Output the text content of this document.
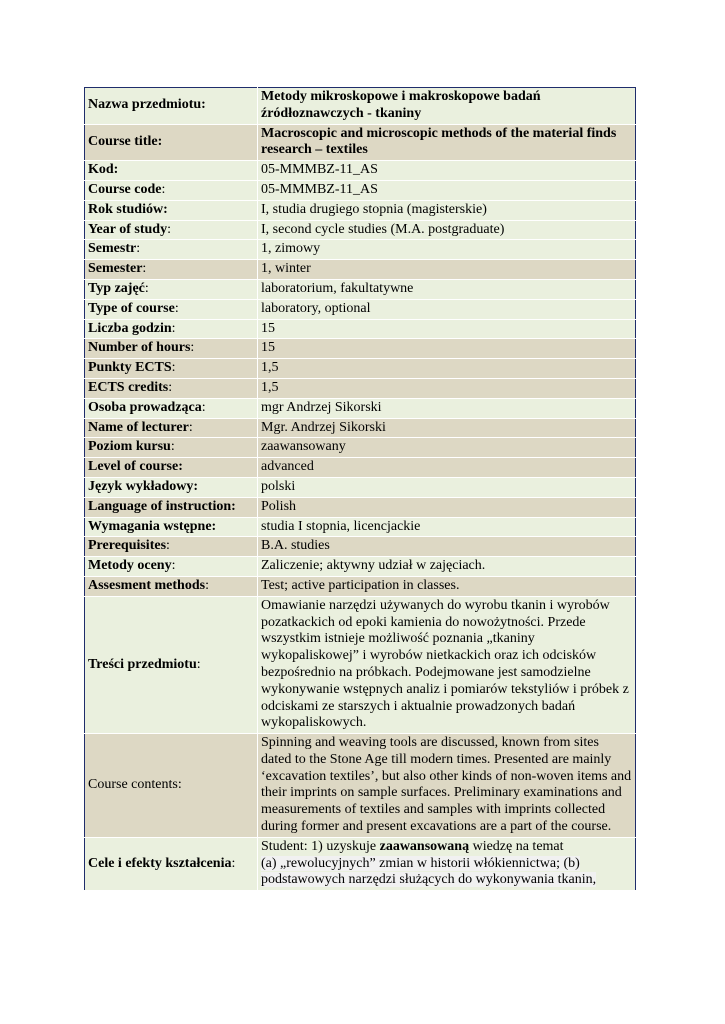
Nazwa przedmiotu:	Metody mikroskopowe i makroskopowe badań źródłoznawczych - tkaniny
Course title:	Macroscopic and microscopic methods of the material finds research – textiles
Kod:	05-MMMBZ-11_AS
Course code:	05-MMMBZ-11_AS
Rok studiów:	I, studia drugiego stopnia (magisterskie)
Year of study:	I, second cycle studies (M.A. postgraduate)
Semestr:	1, zimowy
Semester:	1, winter
Typ zajęć:	laboratorium, fakultatywne
Type of course:	laboratory, optional
Liczba godzin:	15
Number of hours:	15
Punkty ECTS:	1,5
ECTS credits:	1,5
Osoba prowadząca:	mgr Andrzej Sikorski
Name of lecturer:	Mgr. Andrzej Sikorski
Poziom kursu:	zaawansowany
Level of course:	advanced
Język wykładowy:	polski
Language of instruction:	Polish
Wymagania wstępne:	studia I stopnia, licencjackie
Prerequisites:	B.A. studies
Metody oceny:	Zaliczenie; aktywny udział w zajęciach.
Assesment methods:	Test; active participation in classes.
Treści przedmiotu:	Omawianie narzędzi używanych do wyrobu tkanin i wyrobów pozatkackich od epoki kamienia do nowożytności. Przede wszystkim istnieje możliwość poznania „tkaniny wykopaliskowej” i wyrobów nietkackich oraz ich odcisków bezpośrednio na próbkach. Podejmowane jest samodzielne wykonywanie wstępnych analiz i pomiarów tekstyliów i próbek z odciskami ze starszych i aktualnie prowadzonych badań wykopaliskowych.
Course contents:	Spinning and weaving tools are discussed, known from sites dated to the Stone Age till modern times. Presented are mainly ‘excavation textiles’, but also other kinds of non-woven items and their imprints on sample surfaces. Preliminary examinations and measurements of textiles and samples with imprints collected during former and present excavations are a part of the course.
Cele i efekty kształcenia:	Student: 1) uzyskuje zaawansowaną wiedzę na temat
(a) „rewolucyjnych” zmian w historii włókiennictwa; (b) podstawowych narzędzi służących do wykonywania tkanin,
